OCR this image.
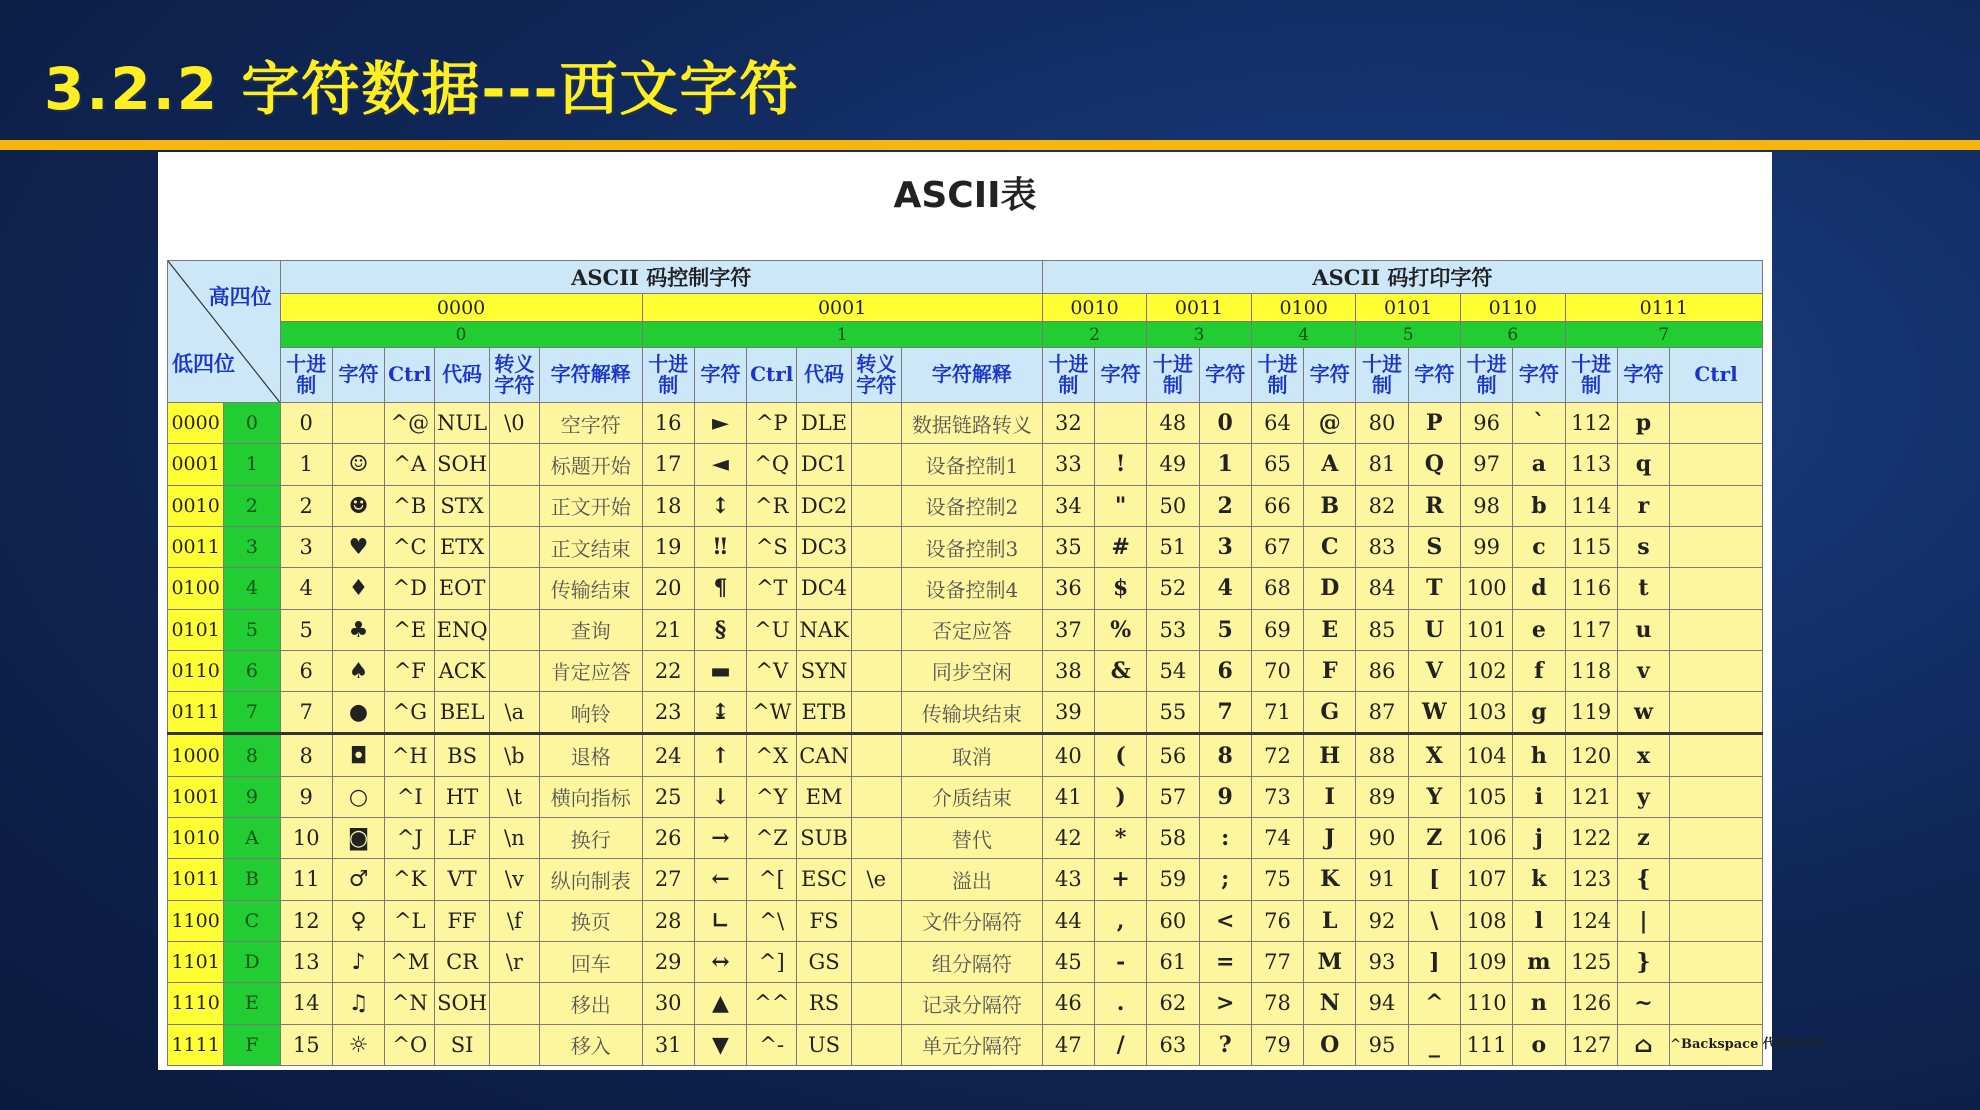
3.2.2 字符数据---西文字符
ASCII表
高四位
低四位		ASCII 码控制字符												ASCII 码打印字符												
		0000						0001						0010		0011		0100		0101		0110		0111		
		0						1						2		3		4		5		6		7		
		十进制	字符	Ctrl	代码	转义字符	字符解释	十进制	字符	Ctrl	代码	转义字符	字符解释	十进制	字符	十进制	字符	十进制	字符	十进制	字符	十进制	字符	十进制	字符	Ctrl
0000	0	0		^@	NUL	\0	空字符	16	►	^P	DLE		数据链路转义	32		48	0	64	@	80	P	96	`	112	p	
0001	1	1	☺	^A	SOH		标题开始	17	◄	^Q	DC1		设备控制1	33	!	49	1	65	A	81	Q	97	a	113	q	
0010	2	2	☻	^B	STX		正文开始	18	↕	^R	DC2		设备控制2	34	"	50	2	66	B	82	R	98	b	114	r	
0011	3	3	♥	^C	ETX		正文结束	19	‼	^S	DC3		设备控制3	35	#	51	3	67	C	83	S	99	c	115	s	
0100	4	4	♦	^D	EOT		传输结束	20	¶	^T	DC4		设备控制4	36	$	52	4	68	D	84	T	100	d	116	t	
0101	5	5	♣	^E	ENQ		查询	21	§	^U	NAK		否定应答	37	%	53	5	69	E	85	U	101	e	117	u	
0110	6	6	♠	^F	ACK		肯定应答	22	▬	^V	SYN		同步空闲	38	&	54	6	70	F	86	V	102	f	118	v	
0111	7	7	●	^G	BEL	\a	响铃	23	↨	^W	ETB		传输块结束	39		55	7	71	G	87	W	103	g	119	w	
1000	8	8	◘	^H	BS	\b	退格	24	↑	^X	CAN		取消	40	(	56	8	72	H	88	X	104	h	120	x	
1001	9	9	○	^I	HT	\t	横向指标	25	↓	^Y	EM		介质结束	41	)	57	9	73	I	89	Y	105	i	121	y	
1010	A	10	◙	^J	LF	\n	换行	26	→	^Z	SUB		替代	42	*	58	:	74	J	90	Z	106	j	122	z	
1011	B	11	♂	^K	VT	\v	纵向制表	27	←	^[	ESC	\e	溢出	43	+	59	;	75	K	91	[	107	k	123	{	
1100	C	12	♀	^L	FF	\f	换页	28	∟	^\	FS		文件分隔符	44	,	60	<	76	L	92	\	108	l	124	|	
1101	D	13	♪	^M	CR	\r	回车	29	↔	^]	GS		组分隔符	45	-	61	=	77	M	93	]	109	m	125	}	
1110	E	14	♫	^N	SOH		移出	30	▲	^^	RS		记录分隔符	46	.	62	>	78	N	94	^	110	n	126	~	
1111	F	15	☼	^O	SI		移入	31	▼	^-	US		单元分隔符	47	/	63	?	79	O	95	_	111	o	127	⌂	^Backspace 代码:DEL
